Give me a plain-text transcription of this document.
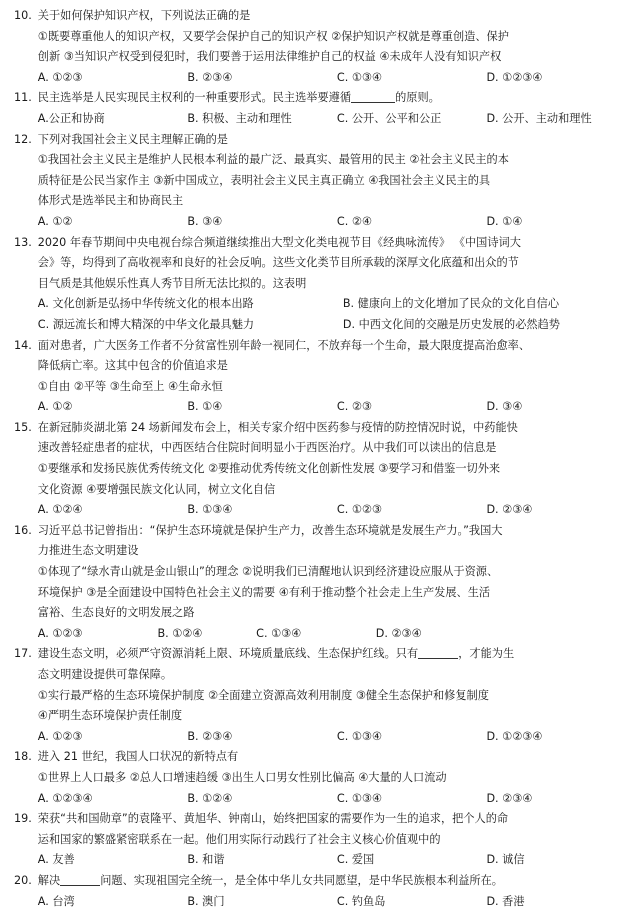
10. 关于如何保护知识产权，下列说法正确的是
①既要尊重他人的知识产权，又要学会保护自己的知识产权 ②保护知识产权就是尊重创造、保护
创新 ③当知识产权受到侵犯时，我们要善于运用法律维护自己的权益 ④未成年人没有知识产权
A. ①②③	B. ②③④	C. ①③④	D. ①②③④
11. 民主选举是人民实现民主权利的一种重要形式。民主选举要遵循	的原则。
A.公正和协商	B. 积极、主动和理性	C. 公开、公平和公正	D. 公开、主动和理性
12. 下列对我国社会主义民主理解正确的是
①我国社会主义民主是维护人民根本利益的最广泛、最真实、最管用的民主 ②社会主义民主的本
质特征是公民当家作主 ③新中国成立，表明社会主义民主真正确立 ④我国社会主义民主的具
体形式是选举民主和协商民主
A. ①②	B. ③④	C. ②④	D. ①④
13. 2020 年春节期间中央电视台综合频道继续推出大型文化类电视节目《经典咏流传》 《中国诗词大
会》等，均得到了高收视率和良好的社会反响。这些文化类节目所承载的深厚文化底蕴和出众的节
目气质是其他娱乐性真人秀节目所无法比拟的。这表明
A. 文化创新是弘扬中华传统文化的根本出路	B. 健康向上的文化增加了民众的文化自信心
C. 源远流长和博大精深的中华文化最具魅力	D. 中西文化间的交融是历史发展的必然趋势
14. 面对患者，广大医务工作者不分贫富性别年龄一视同仁，不放弃每一个生命，最大限度提高治愈率、
降低病亡率。这其中包含的价值追求是
①自由 ②平等 ③生命至上 ④生命永恒
A. ①②	B. ①④	C. ②③	D. ③④
15. 在新冠肺炎湖北第 24 场新闻发布会上，相关专家介绍中医药参与疫情的防控情况时说，中药能快
速改善轻症患者的症状，中西医结合住院时间明显小于西医治疗。从中我们可以读出的信息是
①要继承和发扬民族优秀传统文化 ②要推动优秀传统文化创新性发展 ③要学习和借鉴一切外来
文化资源 ④要增强民族文化认同，树立文化自信
A. ①②④	B. ①③④	C. ①②③	D. ②③④
16. 习近平总书记曾指出：“保护生态环境就是保护生产力，改善生态环境就是发展生产力。”我国大
力推进生态文明建设
①体现了“绿水青山就是金山银山”的理念 ②说明我们已清醒地认识到经济建设应服从于资源、
环境保护 ③是全面建设中国特色社会主义的需要 ④有利于推动整个社会走上生产发展、生活
富裕、生态良好的文明发展之路
A. ①②③	B. ①②④	C. ①③④	D. ②③④
17. 建设生态文明，必须严守资源消耗上限、环境质量底线、生态保护红线。只有	，才能为生
态文明建设提供可靠保障。
①实行最严格的生态环境保护制度 ②全面建立资源高效利用制度 ③健全生态保护和修复制度
④严明生态环境保护责任制度
A. ①②③	B. ②③④	C. ①③④	D. ①②③④
18. 进入 21 世纪，我国人口状况的新特点有
①世界上人口最多 ②总人口增速趋缓 ③出生人口男女性别比偏高 ④大量的人口流动
A. ①②③④	B. ①②④	C. ①③④	D. ②③④
19. 荣获“共和国勋章”的袁隆平、黄旭华、钟南山，始终把国家的需要作为一生的追求，把个人的命
运和国家的繁盛紧密联系在一起。他们用实际行动践行了社会主义核心价值观中的
A. 友善	B. 和谐	C. 爱国	D. 诚信
20. 解决	问题、实现祖国完全统一，是全体中华儿女共同愿望，是中华民族根本利益所在。
A. 台湾	B. 澳门	C. 钓鱼岛	D. 香港
